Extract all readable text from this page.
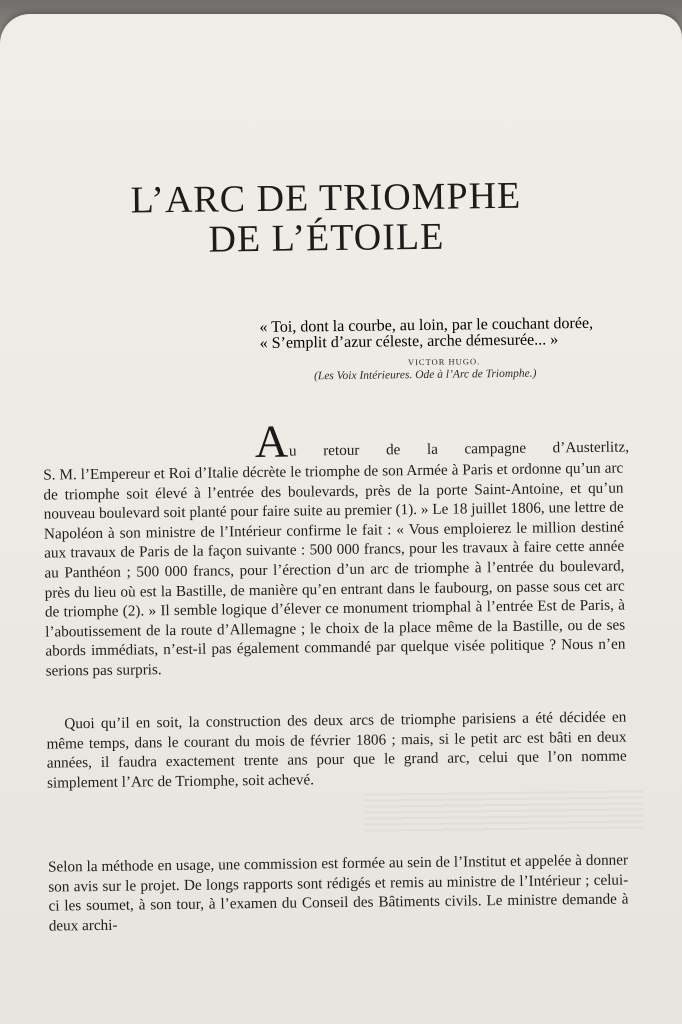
L’ARC DE TRIOMPHE
DE L’ÉTOILE
« Toi, dont la courbe, au loin, par le couchant dorée,
« S’emplit d’azur céleste, arche démesurée... »
VICTOR HUGO.
(Les Voix Intérieures. Ode à l’Arc de Triomphe.)
A u retour de la campagne d’Austerlitz,

S. M. l’Empereur et Roi d’Italie décrète le triomphe de son Armée à Paris et ordonne qu’un arc de triomphe soit élevé à l’entrée des boulevards, près de la porte Saint-Antoine, et qu’un nouveau boulevard soit planté pour faire suite au premier (1). » Le 18 juillet 1806, une lettre de Napoléon à son ministre de l’Intérieur confirme le fait : « Vous emploierez le million destiné aux travaux de Paris de la façon suivante : 500 000 francs, pour les travaux à faire cette année au Panthéon ; 500 000 francs, pour l’érection d’un arc de triomphe à l’entrée du boulevard, près du lieu où est la Bastille, de manière qu’en entrant dans le faubourg, on passe sous cet arc de triomphe (2). » Il semble logique d’élever ce monument triomphal à l’entrée Est de Paris, à l’aboutissement de la route d’Allemagne ; le choix de la place même de la Bastille, ou de ses abords immédiats, n’est-il pas également commandé par quelque visée politique ? Nous n’en serions pas surpris.

Quoi qu’il en soit, la construction des deux arcs de triomphe parisiens a été décidée en même temps, dans le courant du mois de février 1806 ; mais, si le petit arc est bâti en deux années, il faudra exactement trente ans pour que le grand arc, celui que l’on nomme simplement l’Arc de Triomphe, soit achevé.

Selon la méthode en usage, une commission est formée au sein de l’Institut et appelée à donner son avis sur le projet. De longs rapports sont rédigés et remis au ministre de l’Intérieur ; celui-ci les soumet, à son tour, à l’examen du Conseil des Bâtiments civils. Le ministre demande à deux archi-
